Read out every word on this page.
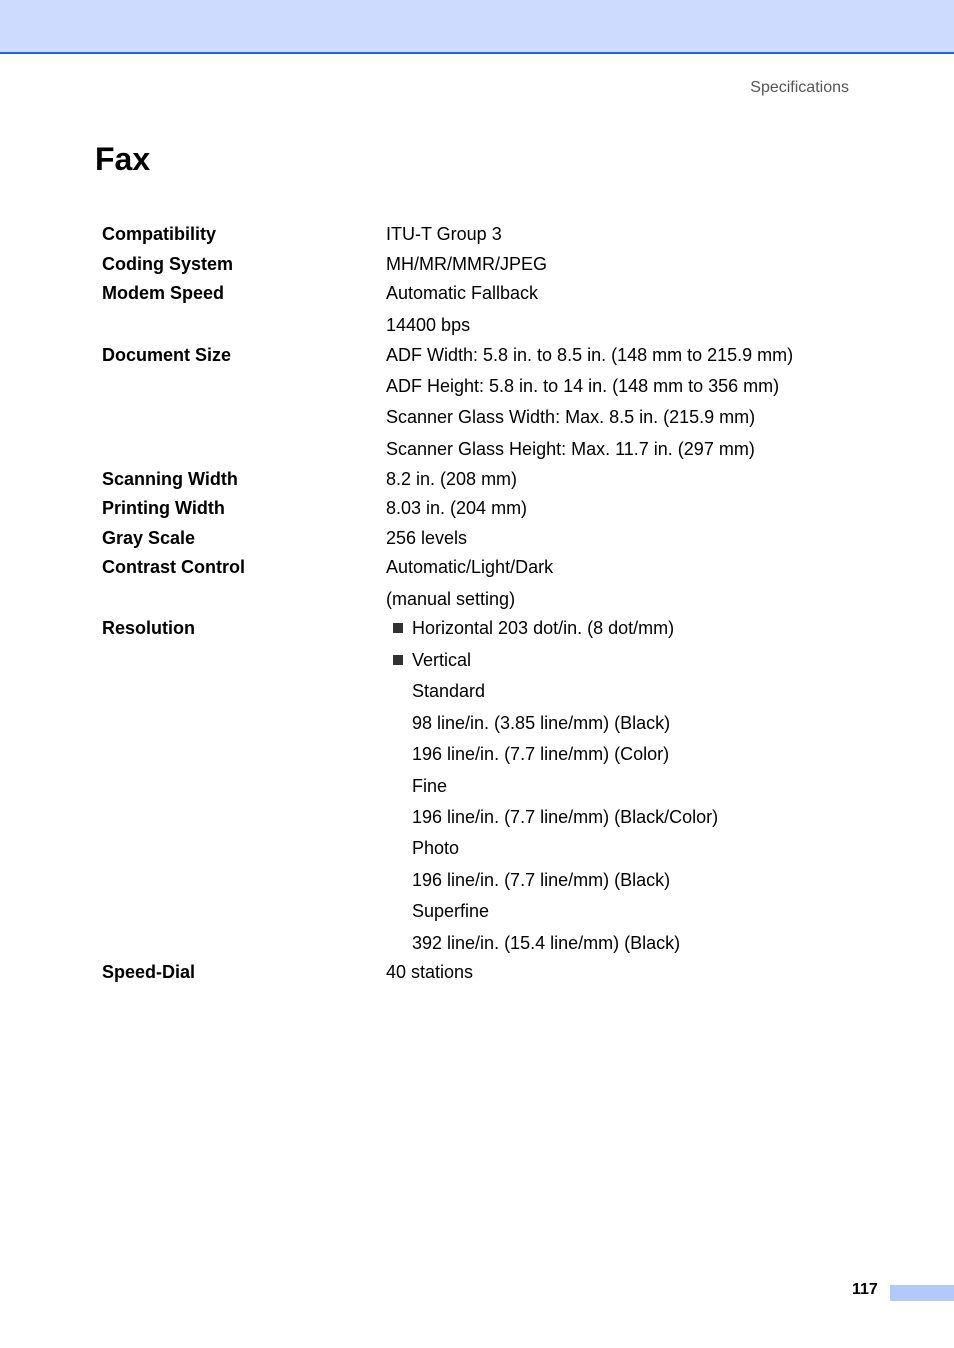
Specifications
Fax
Compatibility	ITU-T Group 3
Coding System	MH/MR/MMR/JPEG
Modem Speed	Automatic Fallback
14400 bps
Document Size	ADF Width: 5.8 in. to 8.5 in. (148 mm to 215.9 mm)
ADF Height: 5.8 in. to 14 in. (148 mm to 356 mm)
Scanner Glass Width: Max. 8.5 in. (215.9 mm)
Scanner Glass Height: Max. 11.7 in. (297 mm)
Scanning Width	8.2 in. (208 mm)
Printing Width	8.03 in. (204 mm)
Gray Scale	256 levels
Contrast Control	Automatic/Light/Dark
(manual setting)
Resolution	Horizontal 203 dot/in. (8 dot/mm)
Vertical
Standard
98 line/in. (3.85 line/mm) (Black)
196 line/in. (7.7 line/mm) (Color)
Fine
196 line/in. (7.7 line/mm) (Black/Color)
Photo
196 line/in. (7.7 line/mm) (Black)
Superfine
392 line/in. (15.4 line/mm) (Black)
Speed-Dial	40 stations
117
